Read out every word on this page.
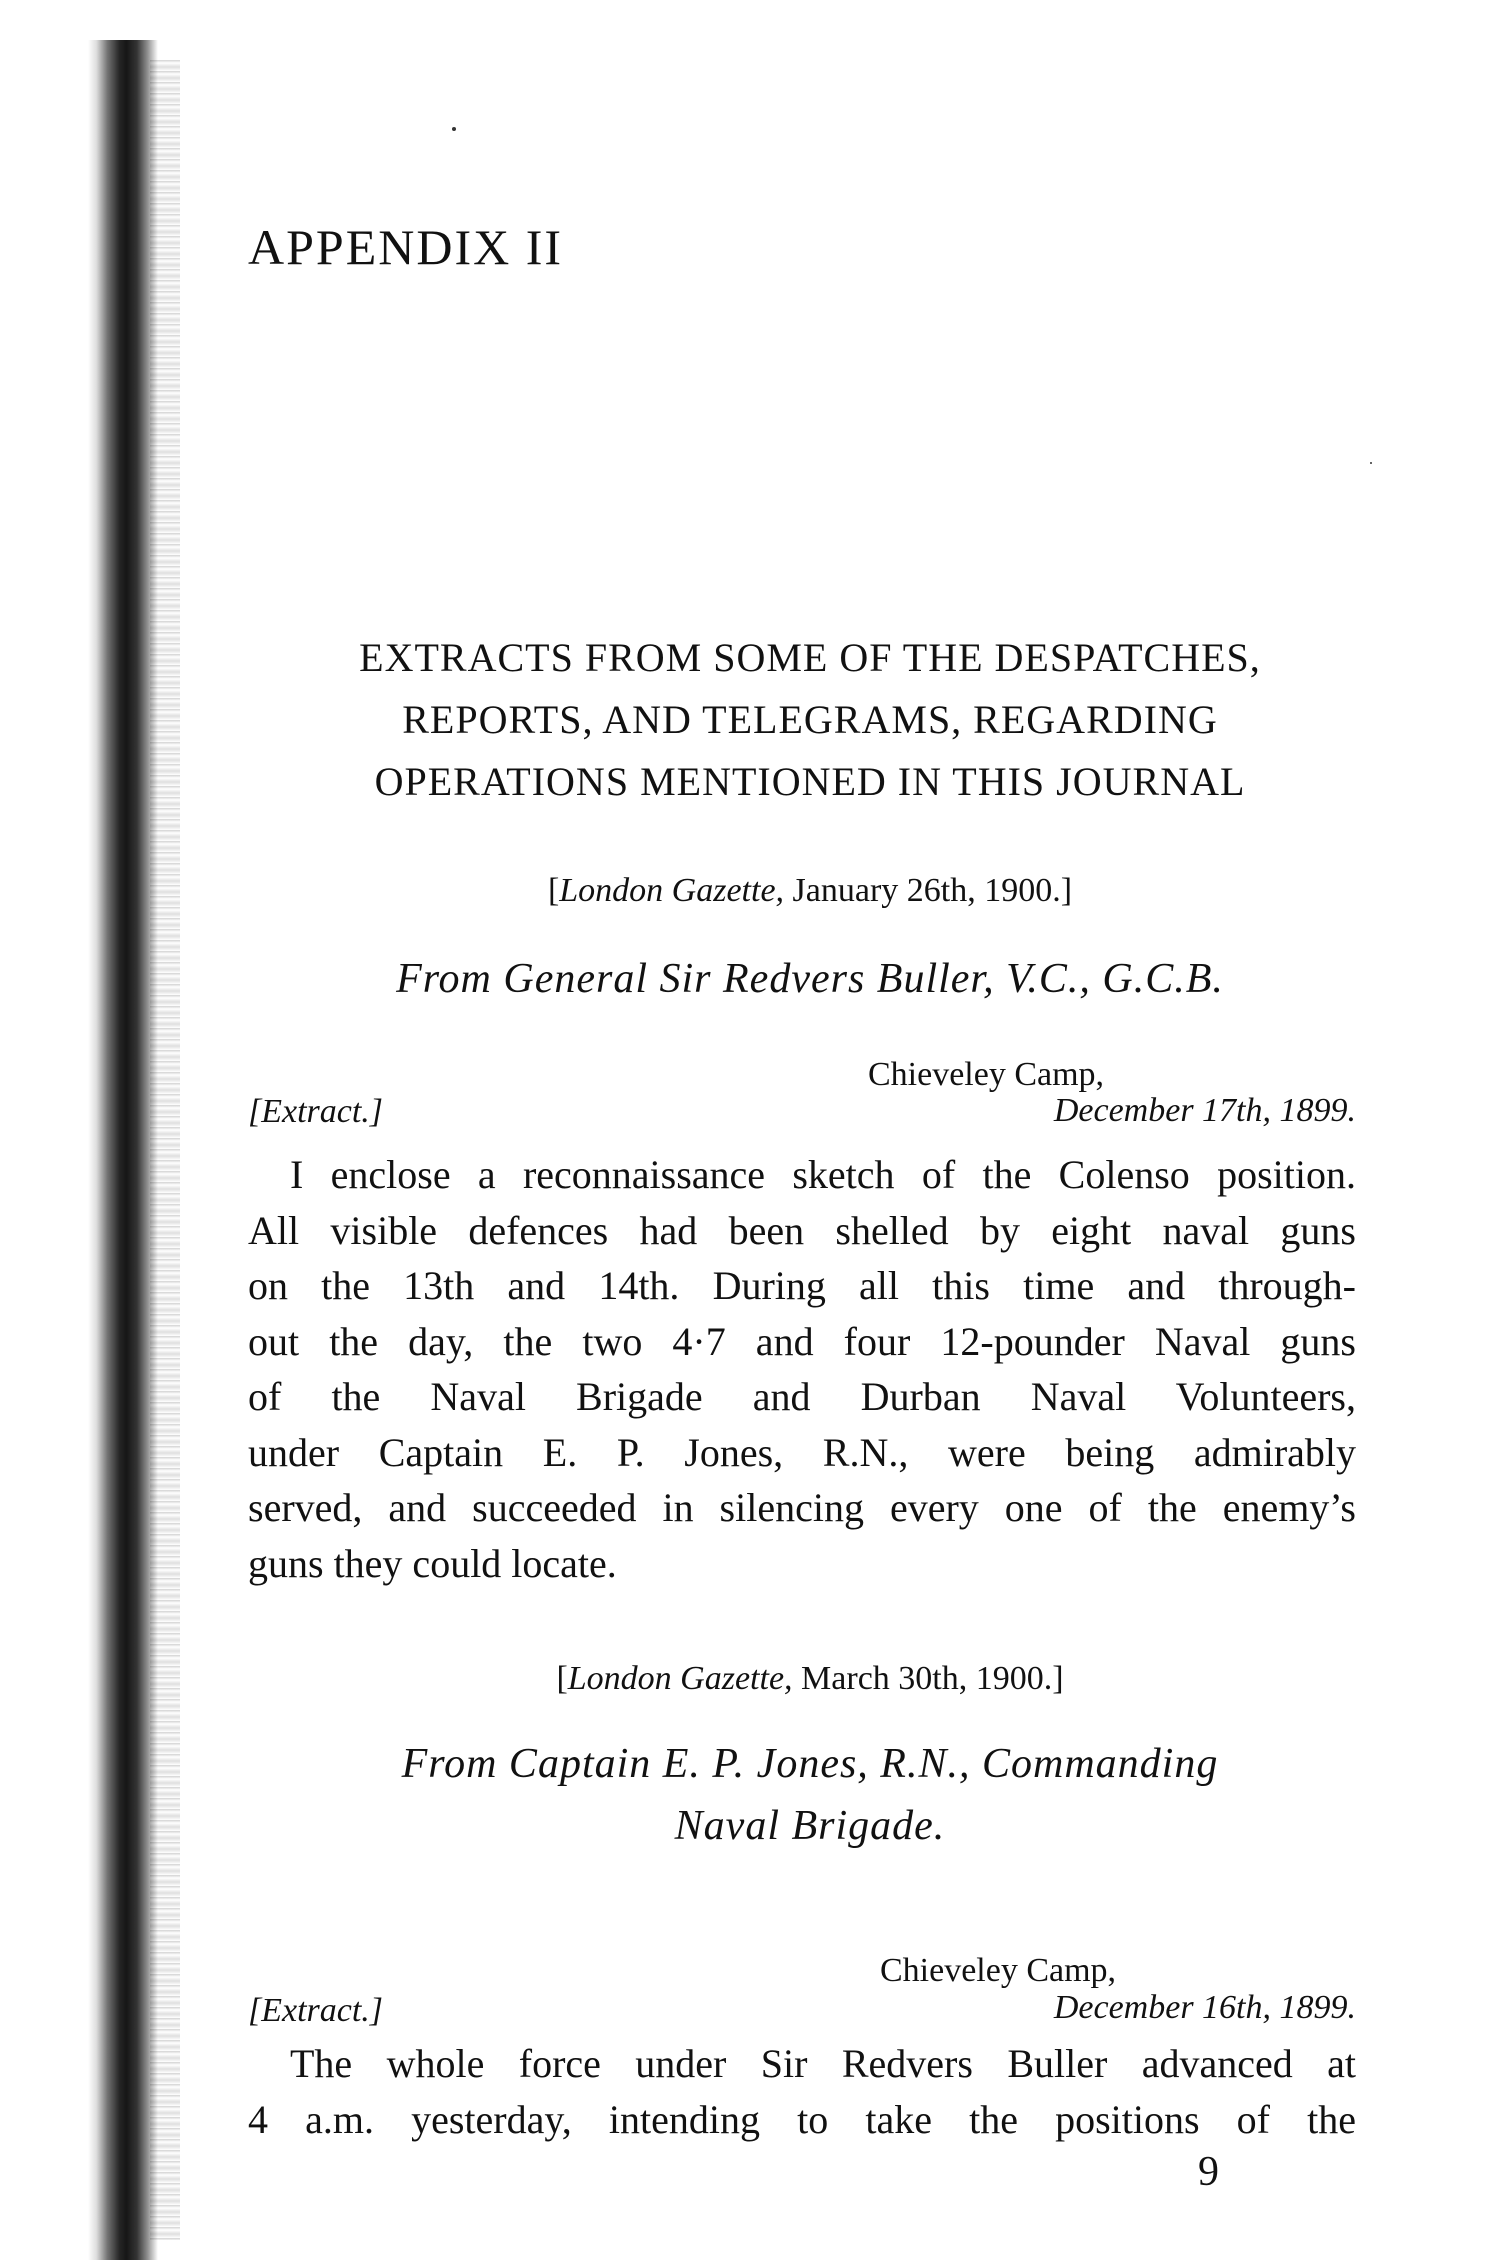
APPENDIX II
EXTRACTS FROM SOME OF THE DESPATCHES,
REPORTS, AND TELEGRAMS, REGARDING
OPERATIONS MENTIONED IN THIS JOURNAL
[London Gazette, January 26th, 1900.]
From General Sir Redvers Buller, V.C., G.C.B.
Chieveley Camp,
[Extract.]	December 17th, 1899.
I enclose a reconnaissance sketch of the Colenso position.
All visible defences had been shelled by eight naval guns
on the 13th and 14th. During all this time and through-
out the day, the two 4·7 and four 12-pounder Naval guns
of the Naval Brigade and Durban Naval Volunteers,
under Captain E. P. Jones, R.N., were being admirably
served, and succeeded in silencing every one of the enemy’s
guns they could locate.
[London Gazette, March 30th, 1900.]
From Captain E. P. Jones, R.N., Commanding
Naval Brigade.
Chieveley Camp,
[Extract.]	December 16th, 1899.
The whole force under Sir Redvers Buller advanced at
4 a.m. yesterday, intending to take the positions of the
9
